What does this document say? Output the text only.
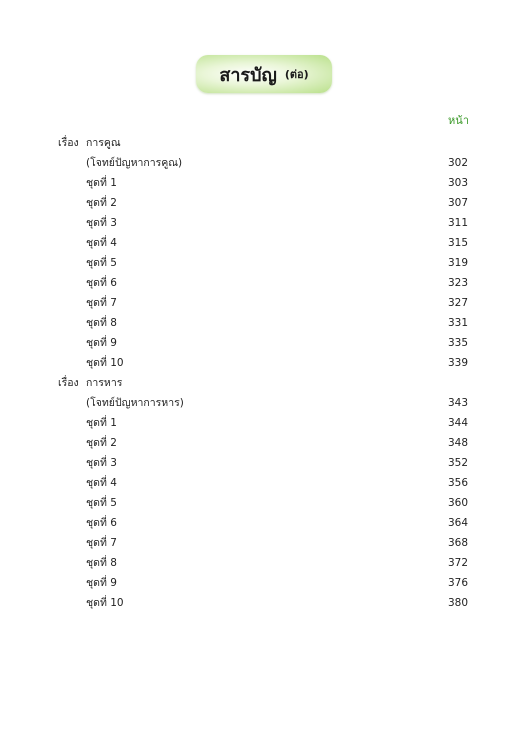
สารบัญ (ต่อ)
หน้า
เรื่อง การคูณ
(โจทย์ปัญหาการคูณ)	302
ชุดที่ 1	303
ชุดที่ 2	307
ชุดที่ 3	311
ชุดที่ 4	315
ชุดที่ 5	319
ชุดที่ 6	323
ชุดที่ 7	327
ชุดที่ 8	331
ชุดที่ 9	335
ชุดที่ 10	339
เรื่อง การหาร
(โจทย์ปัญหาการหาร)	343
ชุดที่ 1	344
ชุดที่ 2	348
ชุดที่ 3	352
ชุดที่ 4	356
ชุดที่ 5	360
ชุดที่ 6	364
ชุดที่ 7	368
ชุดที่ 8	372
ชุดที่ 9	376
ชุดที่ 10	380
